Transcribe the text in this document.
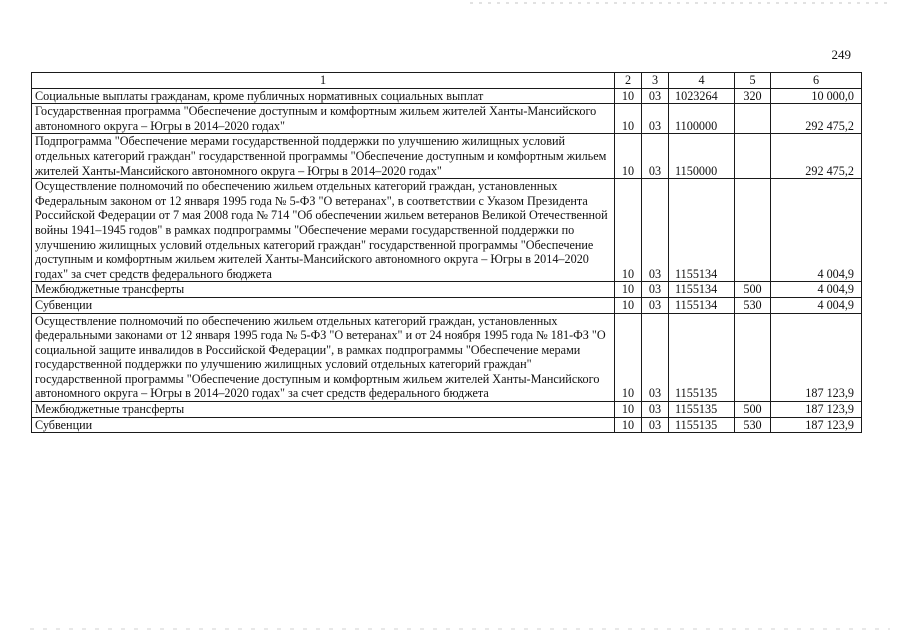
249
1	2	3	4	5	6
Социальные выплаты гражданам, кроме публичных нормативных социальных выплат	10	03	1023264	320	10 000,0
Государственная программа "Обеспечение доступным и комфортным жильем жителей Ханты-Мансийского автономного округа – Югры в 2014–2020 годах"	10	03	1100000		292 475,2
Подпрограмма "Обеспечение мерами государственной поддержки по улучшению жилищных условий отдельных категорий граждан" государственной программы "Обеспечение доступным и комфортным жильем жителей Ханты-Мансийского автономного округа – Югры в 2014–2020 годах"	10	03	1150000		292 475,2
Осуществление полномочий по обеспечению жильем отдельных категорий граждан, установленных Федеральным законом от 12 января 1995 года № 5-ФЗ "О ветеранах", в соответствии с Указом Президента Российской Федерации от 7 мая 2008 года № 714 "Об обеспечении жильем ветеранов Великой Отечественной войны 1941–1945 годов" в рамках подпрограммы "Обеспечение мерами государственной поддержки по улучшению жилищных условий отдельных категорий граждан" государственной программы "Обеспечение доступным и комфортным жильем жителей Ханты-Мансийского автономного округа – Югры в 2014–2020 годах" за счет средств федерального бюджета	10	03	1155134		4 004,9
Межбюджетные трансферты	10	03	1155134	500	4 004,9
Субвенции	10	03	1155134	530	4 004,9
Осуществление полномочий по обеспечению жильем отдельных категорий граждан, установленных федеральными законами от 12 января 1995 года № 5-ФЗ "О ветеранах" и от 24 ноября 1995 года № 181-ФЗ "О социальной защите инвалидов в Российской Федерации", в рамках подпрограммы "Обеспечение мерами государственной поддержки по улучшению жилищных условий отдельных категорий граждан" государственной программы "Обеспечение доступным и комфортным жильем жителей Ханты-Мансийского автономного округа – Югры в 2014–2020 годах" за счет средств федерального бюджета	10	03	1155135		187 123,9
Межбюджетные трансферты	10	03	1155135	500	187 123,9
Субвенции	10	03	1155135	530	187 123,9
